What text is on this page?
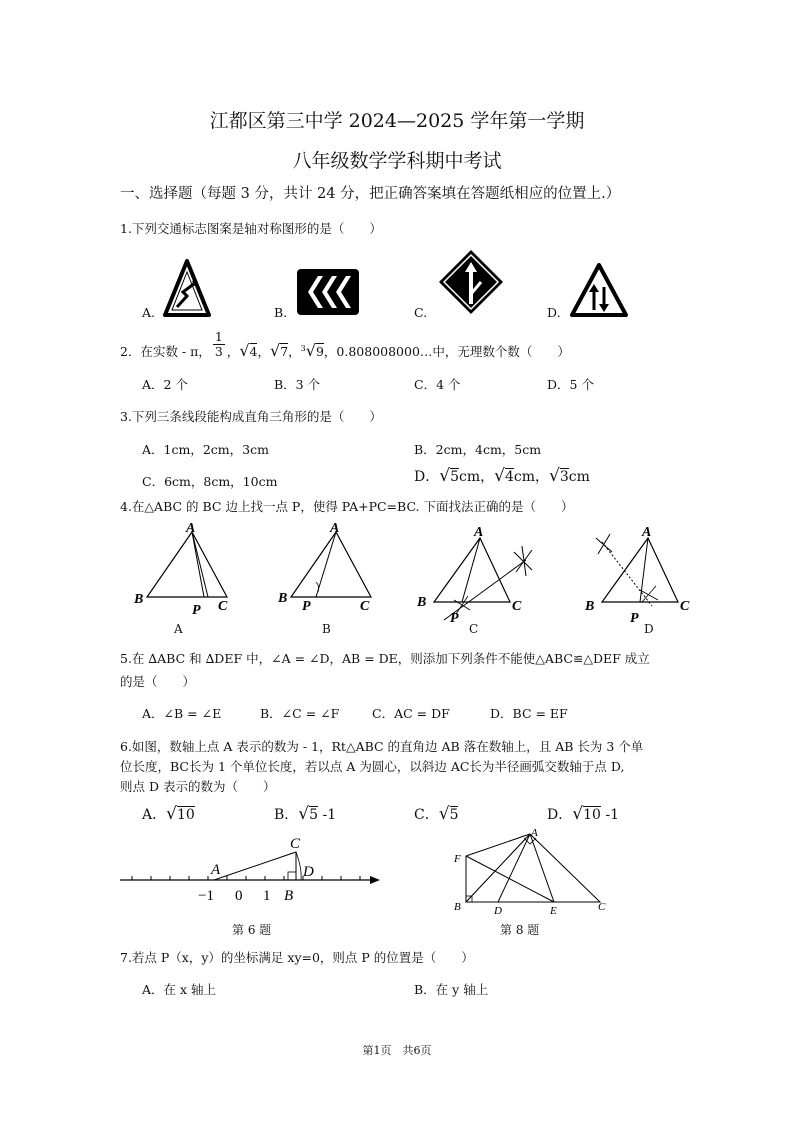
江都区第三中学 2024—2025 学年第一学期
八年级数学学科期中考试
一、选择题（每题 3 分，共计 24 分，把正确答案填在答题纸相应的位置上.）
1.下列交通标志图案是轴对称图形的是（　　）
A.	B.	C.	D.
2．在实数 - π， $\frac{1}{3}$ ，√4，√7，$^3$√9，0.808008000…中，无理数个数（　　）
A．2 个	B．3 个	C．4 个	D．5 个
3.下列三条线段能构成直角三角形的是（　　）
A．1cm，2cm，3cm	B．2cm，4cm，5cm
C．6cm，8cm，10cm	D．√5cm，√4cm，√3cm
4.在△ABC 的 BC 边上找一点 P，使得 PA+PC=BC. 下面找法正确的是（　　）
A
B	C
P
A
A
B
C
P
B
A
B	C
P
C
A
B	C
P
D
5.在 ∆ABC 和 ∆DEF 中，∠A = ∠D，AB = DE，则添加下列条件不能使△ABC≌△DEF 成立
的是（　　）
A．∠B = ∠E	B．∠C = ∠F	C．AC = DF	D．BC = EF
6.如图，数轴上点 A 表示的数为 - 1，Rt△ABC 的直角边 AB 落在数轴上，且 AB 长为 3 个单
位长度，BC长为 1 个单位长度，若以点 A 为圆心，以斜边 AC长为半径画弧交数轴于点 D,
则点 D 表示的数为（　　）
A．√10	B．√5 -1	C．√5	D．√10 -1
A
C
D
−1 0 1 B
第 6 题
A
F
B	D	E	C
第 8 题
7.若点 P（x，y）的坐标满足 xy=0，则点 P 的位置是（　　）
A．在 x 轴上	B．在 y 轴上
第1页　共6页
